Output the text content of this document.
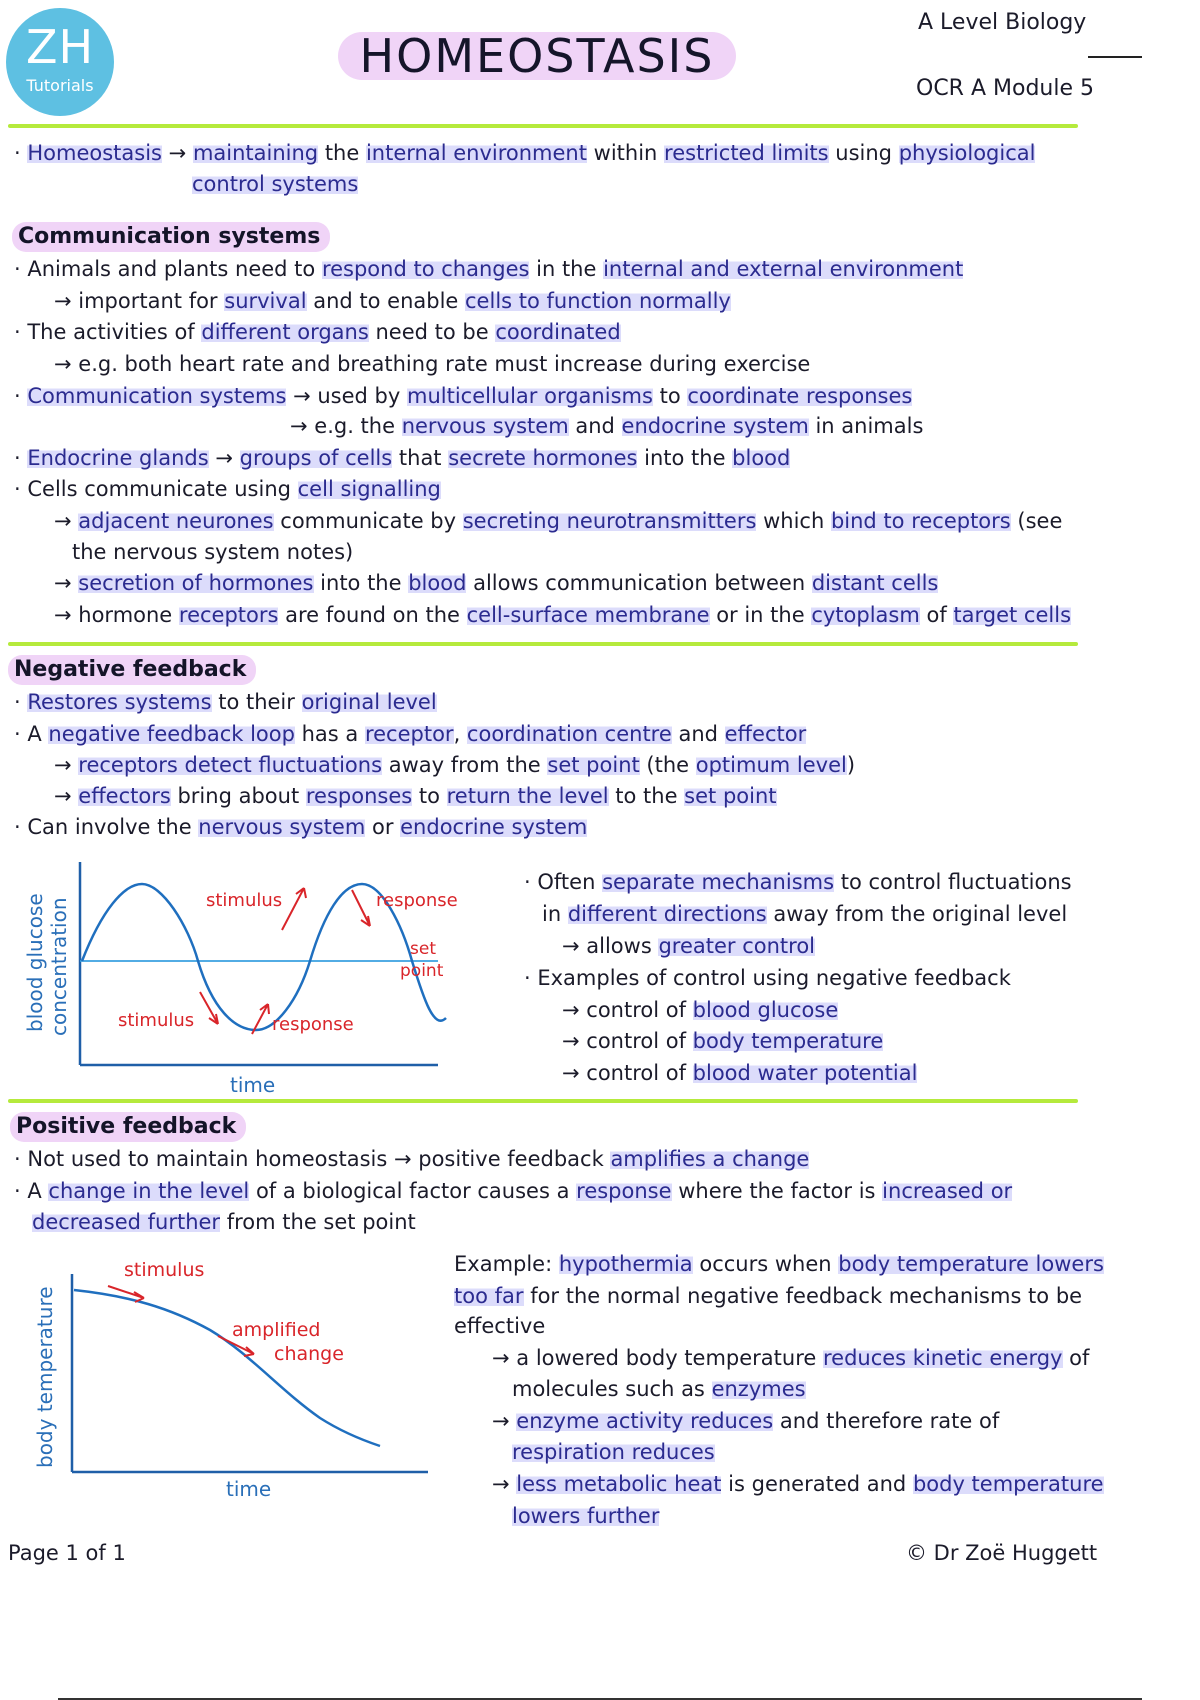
ZH
Tutorials
HOMEOSTASIS
A Level Biology
OCR A Module 5
· Homeostasis → maintaining the internal environment within restricted limits using physiological
control systems
Communication systems
· Animals and plants need to respond to changes in the internal and external environment
→ important for survival and to enable cells to function normally
· The activities of different organs need to be coordinated
→ e.g. both heart rate and breathing rate must increase during exercise
· Communication systems → used by multicellular organisms to coordinate responses
→ e.g. the nervous system and endocrine system in animals
· Endocrine glands → groups of cells that secrete hormones into the blood
· Cells communicate using cell signalling
→ adjacent neurones communicate by secreting neurotransmitters which bind to receptors (see
the nervous system notes)
→ secretion of hormones into the blood allows communication between distant cells
→ hormone receptors are found on the cell-surface membrane or in the cytoplasm of target cells
Negative feedback
· Restores systems to their original level
· A negative feedback loop has a receptor, coordination centre and effector
→ receptors detect fluctuations away from the set point (the optimum level)
→ effectors bring about responses to return the level to the set point
· Can involve the nervous system or endocrine system
stimulus	response
set
point
stimulus	response
blood glucose concentration
time
· Often separate mechanisms to control fluctuations
in different directions away from the original level
→ allows greater control
· Examples of control using negative feedback
→ control of blood glucose
→ control of body temperature
→ control of blood water potential
Positive feedback
· Not used to maintain homeostasis → positive feedback amplifies a change
· A change in the level of a biological factor causes a response where the factor is increased or
decreased further from the set point
stimulus
amplified
change
body temperature
time
Example: hypothermia occurs when body temperature lowers
too far for the normal negative feedback mechanisms to be
effective
→ a lowered body temperature reduces kinetic energy of
molecules such as enzymes
→ enzyme activity reduces and therefore rate of
respiration reduces
→ less metabolic heat is generated and body temperature
lowers further
Page 1 of 1	© Dr Zoë Huggett
